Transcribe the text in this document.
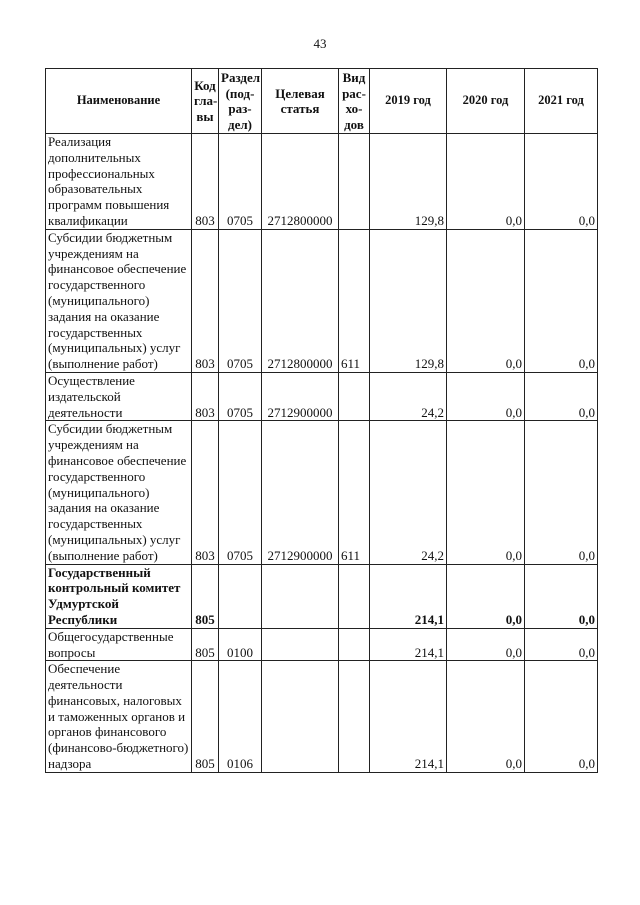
43
Наименование	Код гла- вы	Раздел (под- раз- дел)	Целевая статья	Вид рас- хо- дов	2019 год	2020 год	2021 год
Реализация дополнительных профессиональных образовательных программ повышения квалификации	803	0705	2712800000		129,8	0,0	0,0
Субсидии бюджетным учреждениям на финансовое обеспечение государственного (муниципального) задания на оказание государственных (муниципальных) услуг (выполнение работ)	803	0705	2712800000	611	129,8	0,0	0,0
Осуществление издательской деятельности	803	0705	2712900000		24,2	0,0	0,0
Субсидии бюджетным учреждениям на финансовое обеспечение государственного (муниципального) задания на оказание государственных (муниципальных) услуг (выполнение работ)	803	0705	2712900000	611	24,2	0,0	0,0
Государственный контрольный комитет Удмуртской Республики	805				214,1	0,0	0,0
Общегосударственные вопросы	805	0100			214,1	0,0	0,0
Обеспечение деятельности финансовых, налоговых и таможенных органов и органов финансового (финансово-бюджетного) надзора	805	0106			214,1	0,0	0,0
